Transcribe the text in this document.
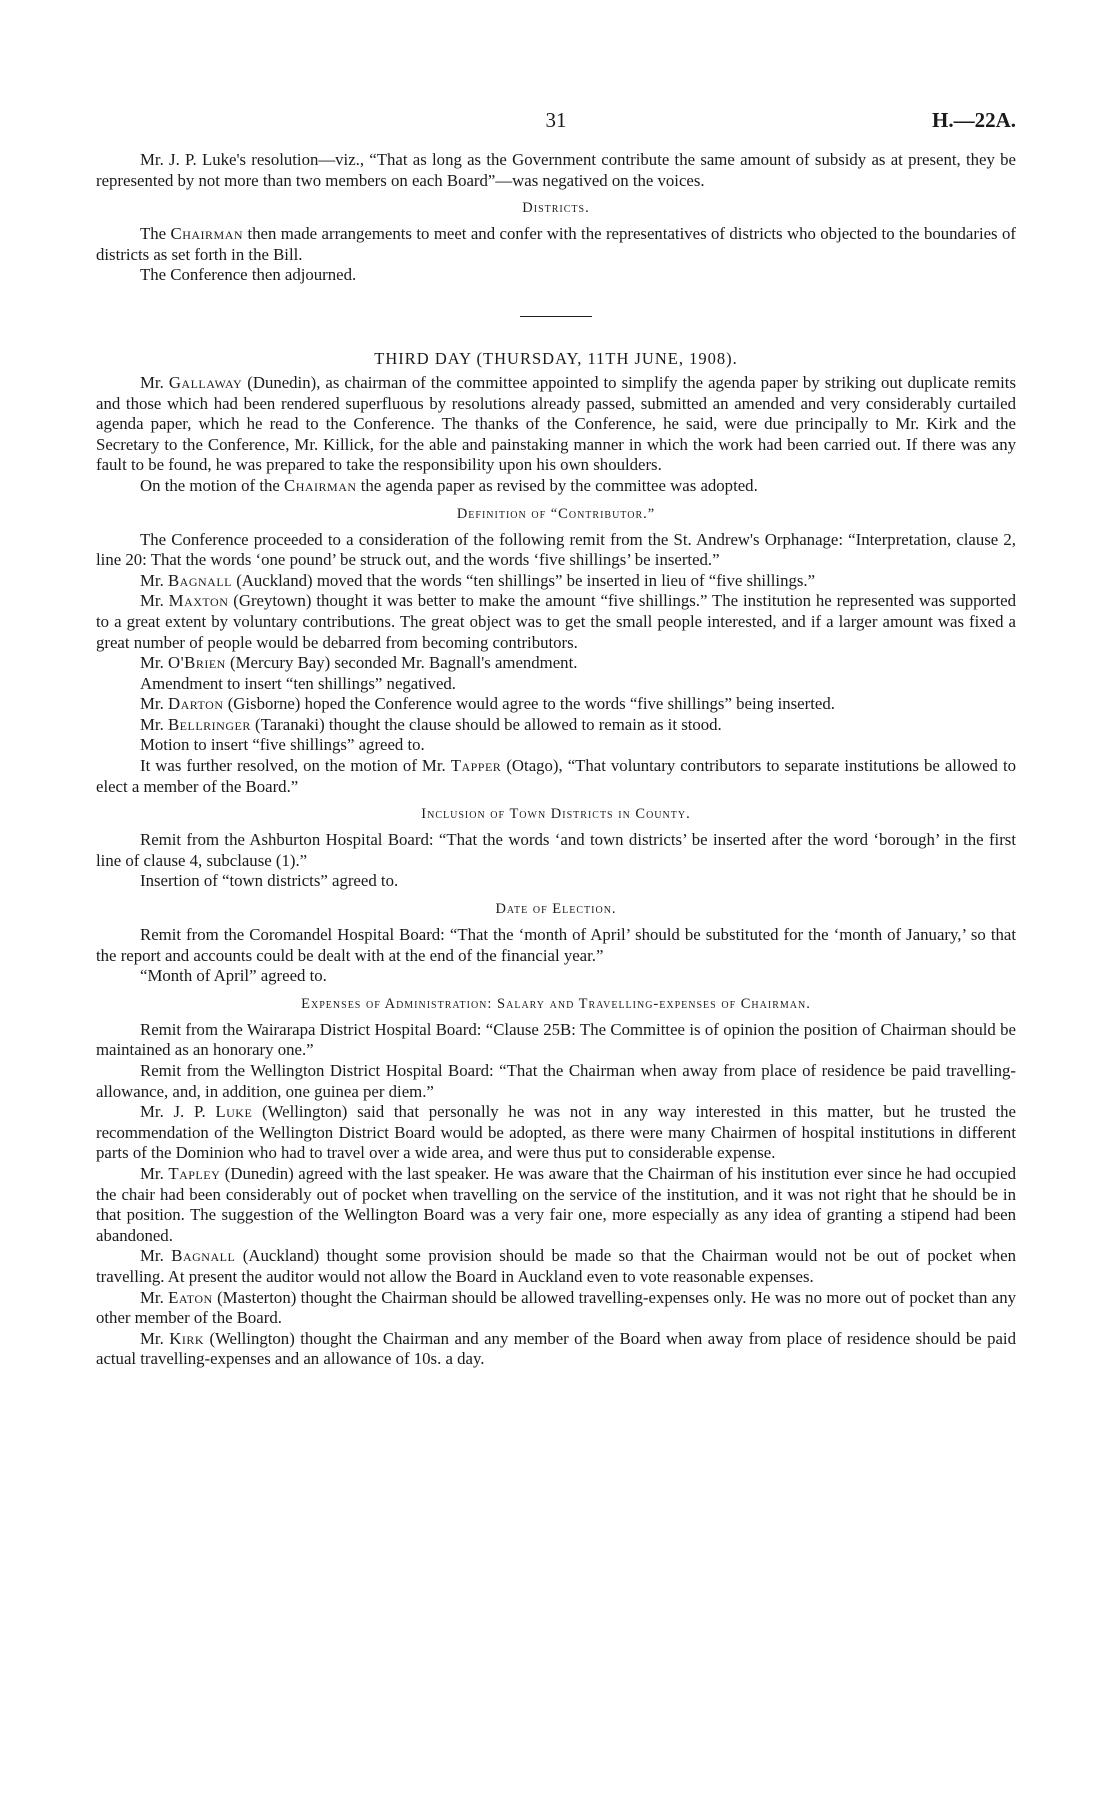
31	H.—22A.

Mr. J. P. Luke's resolution—viz., “That as long as the Government contribute the same amount of subsidy as at present, they be represented by not more than two members on each Board”—was negatived on the voices.

Districts.

The Chairman then made arrangements to meet and confer with the representatives of districts who objected to the boundaries of districts as set forth in the Bill.

The Conference then adjourned.

THIRD DAY (THURSDAY, 11TH JUNE, 1908).

Mr. Gallaway (Dunedin), as chairman of the committee appointed to simplify the agenda paper by striking out duplicate remits and those which had been rendered superfluous by resolutions already passed, submitted an amended and very considerably curtailed agenda paper, which he read to the Conference. The thanks of the Conference, he said, were due principally to Mr. Kirk and the Secretary to the Conference, Mr. Killick, for the able and painstaking manner in which the work had been carried out. If there was any fault to be found, he was prepared to take the responsibility upon his own shoulders.

On the motion of the Chairman the agenda paper as revised by the committee was adopted.

Definition of “Contributor.”

The Conference proceeded to a consideration of the following remit from the St. Andrew's Orphanage: “Interpretation, clause 2, line 20: That the words ‘one pound’ be struck out, and the words ‘five shillings’ be inserted.”

Mr. Bagnall (Auckland) moved that the words “ten shillings” be inserted in lieu of “five shillings.”

Mr. Maxton (Greytown) thought it was better to make the amount “five shillings.” The institution he represented was supported to a great extent by voluntary contributions. The great object was to get the small people interested, and if a larger amount was fixed a great number of people would be debarred from becoming contributors.

Mr. O'Brien (Mercury Bay) seconded Mr. Bagnall's amendment.

Amendment to insert “ten shillings” negatived.

Mr. Darton (Gisborne) hoped the Conference would agree to the words “five shillings” being inserted.

Mr. Bellringer (Taranaki) thought the clause should be allowed to remain as it stood.

Motion to insert “five shillings” agreed to.

It was further resolved, on the motion of Mr. Tapper (Otago), “That voluntary contributors to separate institutions be allowed to elect a member of the Board.”

Inclusion of Town Districts in County.

Remit from the Ashburton Hospital Board: “That the words ‘and town districts’ be inserted after the word ‘borough’ in the first line of clause 4, subclause (1).”

Insertion of “town districts” agreed to.

Date of Election.

Remit from the Coromandel Hospital Board: “That the ‘month of April’ should be substituted for the ‘month of January,’ so that the report and accounts could be dealt with at the end of the financial year.”

“Month of April” agreed to.

Expenses of Administration: Salary and Travelling-expenses of Chairman.

Remit from the Wairarapa District Hospital Board: “Clause 25B: The Committee is of opinion the position of Chairman should be maintained as an honorary one.”

Remit from the Wellington District Hospital Board: “That the Chairman when away from place of residence be paid travelling-allowance, and, in addition, one guinea per diem.”

Mr. J. P. Luke (Wellington) said that personally he was not in any way interested in this matter, but he trusted the recommendation of the Wellington District Board would be adopted, as there were many Chairmen of hospital institutions in different parts of the Dominion who had to travel over a wide area, and were thus put to considerable expense.

Mr. Tapley (Dunedin) agreed with the last speaker. He was aware that the Chairman of his institution ever since he had occupied the chair had been considerably out of pocket when travelling on the service of the institution, and it was not right that he should be in that position. The suggestion of the Wellington Board was a very fair one, more especially as any idea of granting a stipend had been abandoned.

Mr. Bagnall (Auckland) thought some provision should be made so that the Chairman would not be out of pocket when travelling. At present the auditor would not allow the Board in Auckland even to vote reasonable expenses.

Mr. Eaton (Masterton) thought the Chairman should be allowed travelling-expenses only. He was no more out of pocket than any other member of the Board.

Mr. Kirk (Wellington) thought the Chairman and any member of the Board when away from place of residence should be paid actual travelling-expenses and an allowance of 10s. a day.
